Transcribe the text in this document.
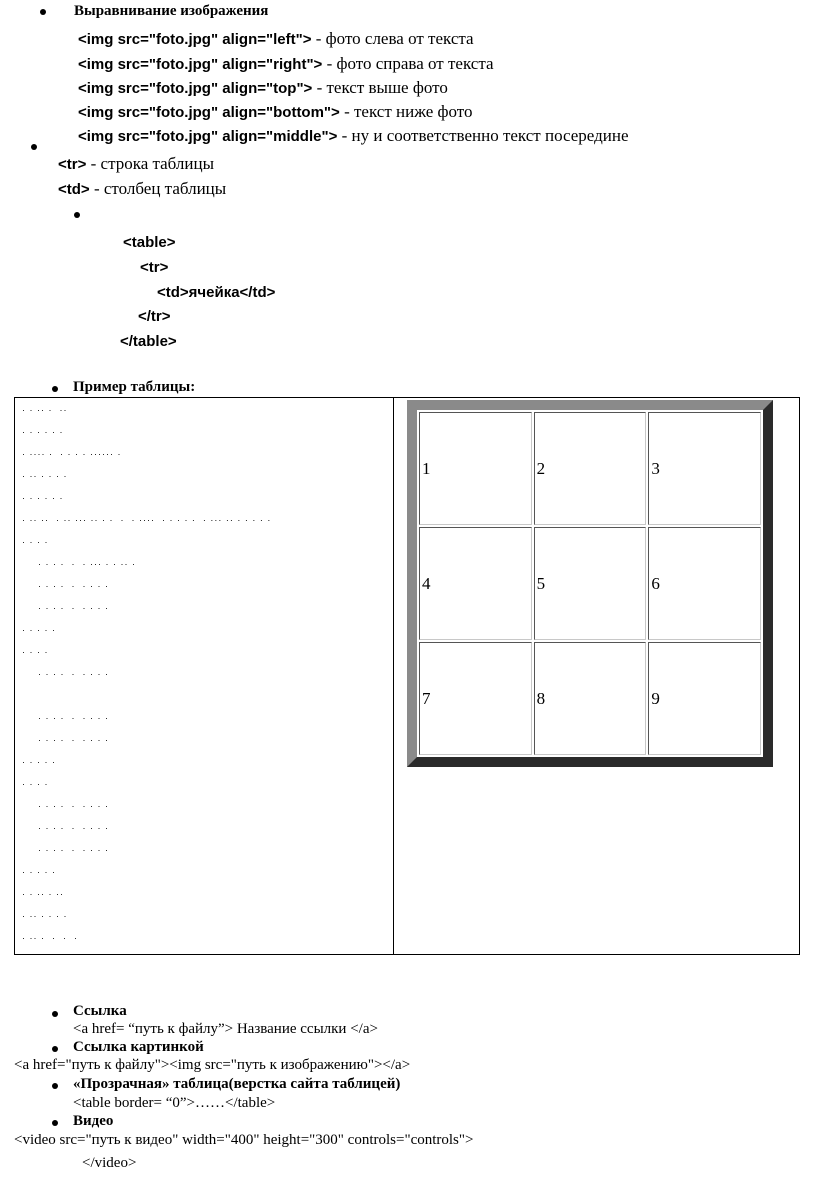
Выравнивание изображения
<img src="foto.jpg" align="left"> - фото слева от текста
<img src="foto.jpg" align="right"> - фото справа от текста
<img src="foto.jpg" align="top"> - текст выше фото
<img src="foto.jpg" align="bottom"> - текст ниже фото
<img src="foto.jpg" align="middle"> - ну и соответственно текст посередине
<tr> - строка таблицы
<td> - столбец таблицы
<table>
<tr>
<td>ячейка</td>
</tr>
</table>
Пример таблицы:
· · ·· ·  ··
· · · · · ·
· ···· ·  · · · · ······ ·
· ·· · · · ·
· · · · · ·
· ·· ··  · ·· ··· ·· · ·  ·  · ····  · · · · ·  · ··· ·· · · · · ·
· · · ·
· · · ·  ·  · ··· · · ·· ·
· · · ·  ·  · · · ·
· · · ·  ·  · · · ·
· · · · ·
· · · ·
· · · ·  ·  · · · ·
· · · ·  ·  · · · ·
· · · ·  ·  · · · ·
· · · · ·
· · · ·
· · · ·  ·  · · · ·
· · · ·  ·  · · · ·
· · · ·  ·  · · · ·
· · · · ·
· · ·· · ··
· ·· · · · ·
· ·· ·  ·  ·  ·
1	2	3
4	5	6
7	8	9
Ссылка
<a href= “путь к файлу”> Название ссылки </a>
Ссылка картинкой
<a href="путь к файлу"><img src="путь к изображению"></a>
«Прозрачная» таблица(верстка сайта таблицей)
<table border= “0”>……</table>
Видео
<video src="путь к видео" width="400" height="300" controls="controls">
</video>
